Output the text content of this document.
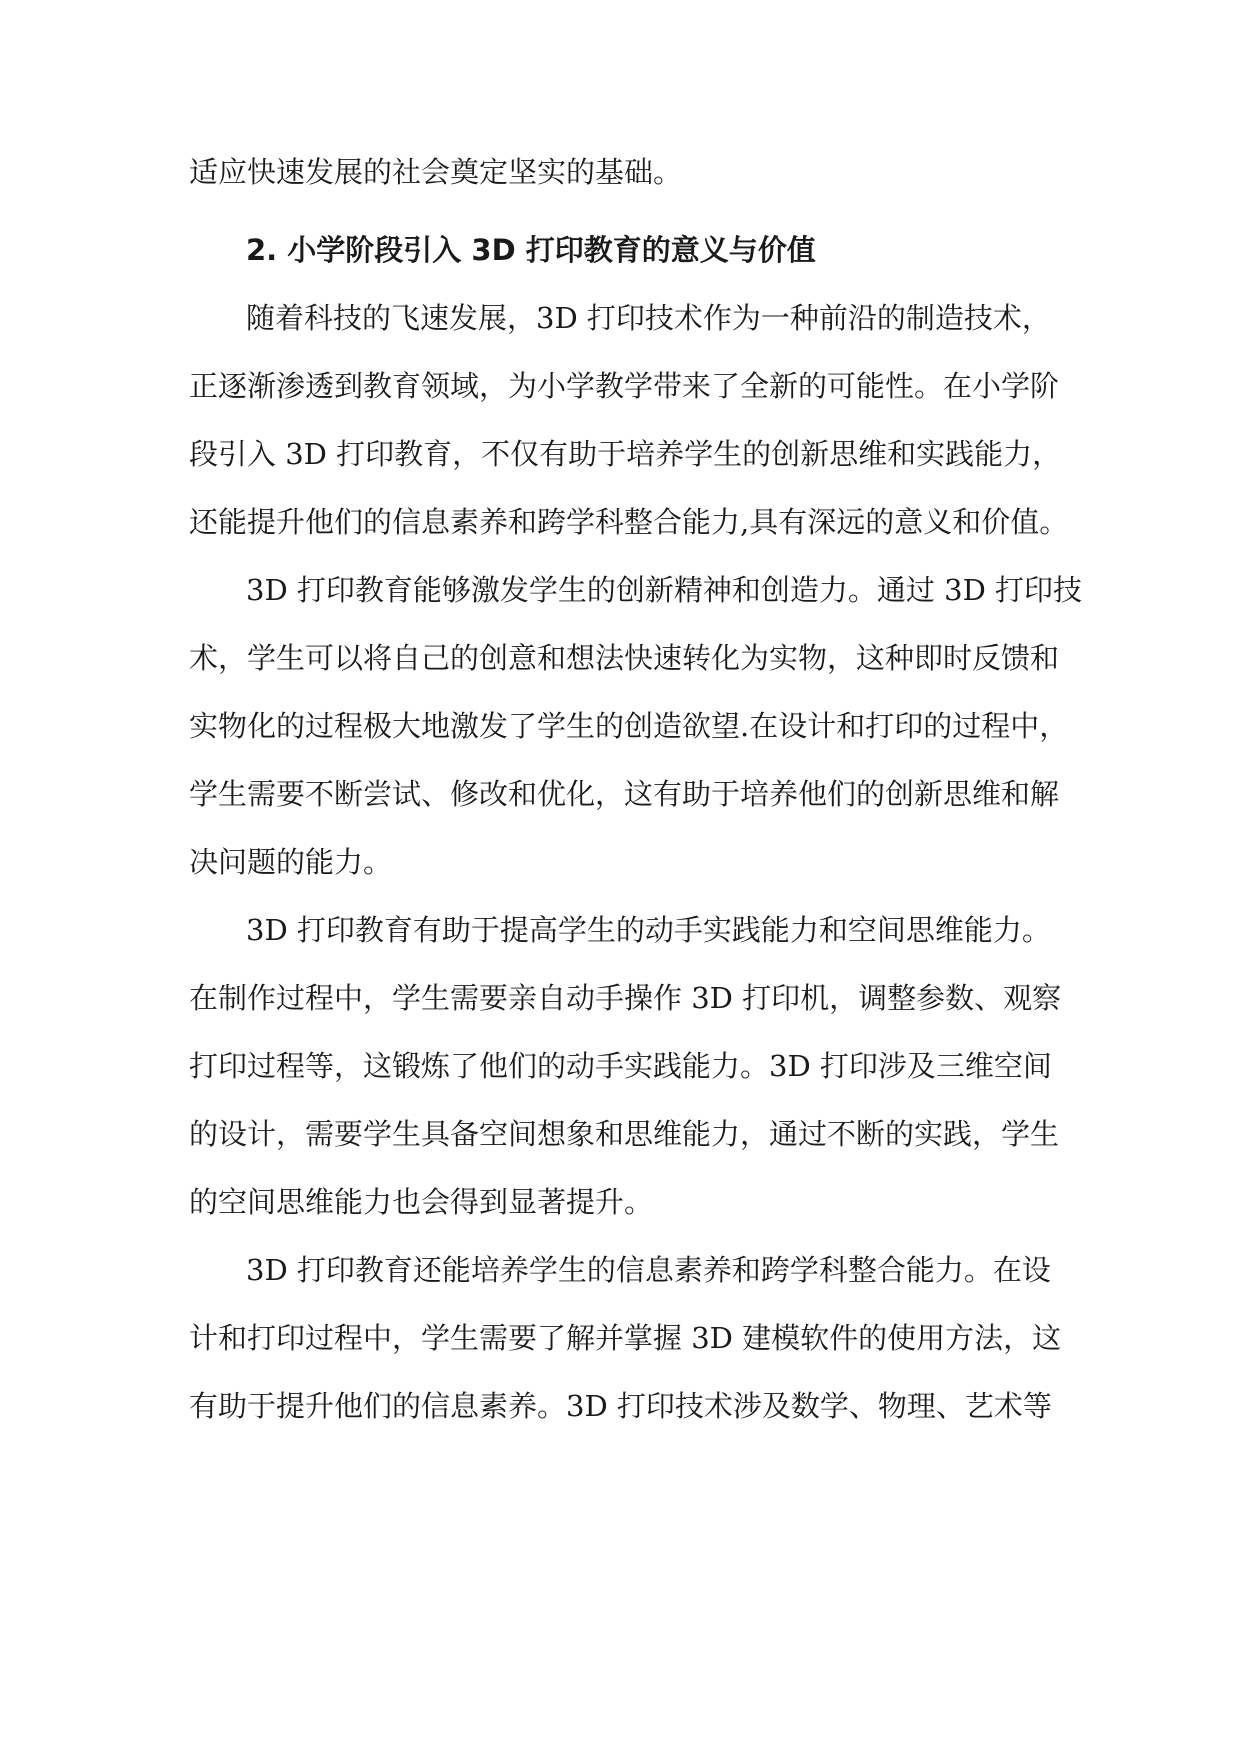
适应快速发展的社会奠定坚实的基础。
2. 小学阶段引入 3D 打印教育的意义与价值
随着科技的飞速发展，3D 打印技术作为一种前沿的制造技术，
正逐渐渗透到教育领域，为小学教学带来了全新的可能性。在小学阶
段引入 3D 打印教育，不仅有助于培养学生的创新思维和实践能力，
还能提升他们的信息素养和跨学科整合能力,具有深远的意义和价值。
3D 打印教育能够激发学生的创新精神和创造力。通过 3D 打印技
术，学生可以将自己的创意和想法快速转化为实物，这种即时反馈和
实物化的过程极大地激发了学生的创造欲望.在设计和打印的过程中，
学生需要不断尝试、修改和优化，这有助于培养他们的创新思维和解
决问题的能力。
3D 打印教育有助于提高学生的动手实践能力和空间思维能力。
在制作过程中，学生需要亲自动手操作 3D 打印机，调整参数、观察
打印过程等，这锻炼了他们的动手实践能力。3D 打印涉及三维空间
的设计，需要学生具备空间想象和思维能力，通过不断的实践，学生
的空间思维能力也会得到显著提升。
3D 打印教育还能培养学生的信息素养和跨学科整合能力。在设
计和打印过程中，学生需要了解并掌握 3D 建模软件的使用方法，这
有助于提升他们的信息素养。3D 打印技术涉及数学、物理、艺术等
